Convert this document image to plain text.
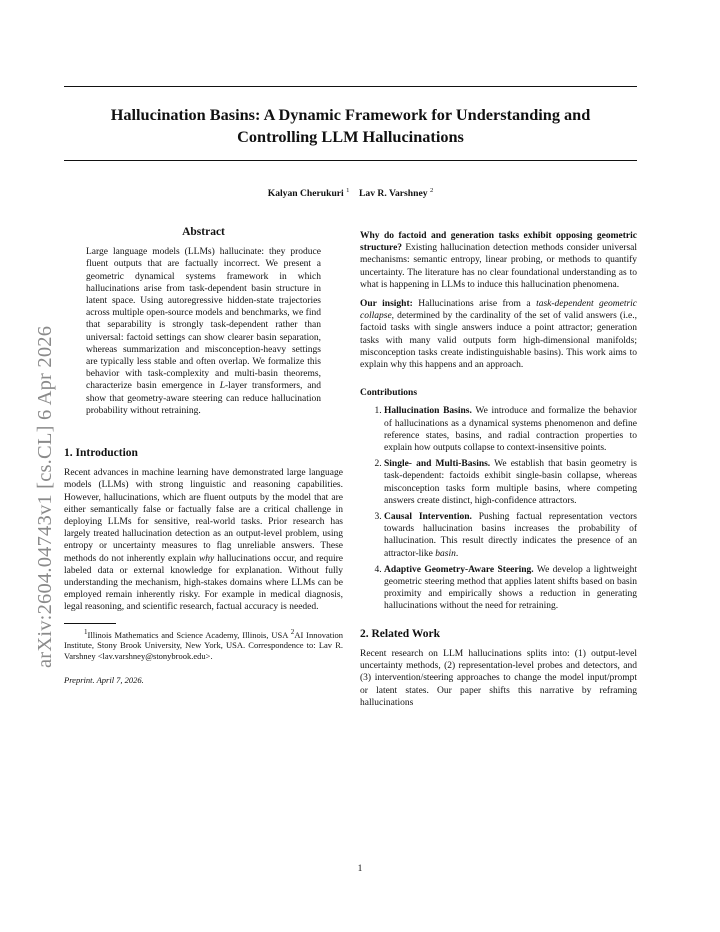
arXiv:2604.04743v1 [cs.CL] 6 Apr 2026
Hallucination Basins: A Dynamic Framework for Understanding and
Controlling LLM Hallucinations
Kalyan Cherukuri $^1$ Lav R. Varshney $^2$
Abstract
Large language models (LLMs) hallucinate: they produce fluent outputs that are factually incorrect. We present a geometric dynamical systems framework in which hallucinations arise from task-dependent basin structure in latent space. Using autoregressive hidden-state trajectories across multiple open-source models and benchmarks, we find that separability is strongly task-dependent rather than universal: factoid settings can show clearer basin separation, whereas summarization and misconception-heavy settings are typically less stable and often overlap. We formalize this behavior with task-complexity and multi-basin theorems, characterize basin emergence in L-layer transformers, and show that geometry-aware steering can reduce hallucination probability without retraining.
1. Introduction
Recent advances in machine learning have demonstrated large language models (LLMs) with strong linguistic and reasoning capabilities. However, hallucinations, which are fluent outputs by the model that are either semantically false or factually false are a critical challenge in deploying LLMs for sensitive, real-world tasks. Prior research has largely treated hallucination detection as an output-level problem, using entropy or uncertainty measures to flag unreliable answers. These methods do not inherently explain why hallucinations occur, and require labeled data or external knowledge for explanation. Without fully understanding the mechanism, high-stakes domains where LLMs can be employed remain inherently risky. For example in medical diagnosis, legal reasoning, and scientific research, factual accuracy is needed.
$^1$Illinois Mathematics and Science Academy, Illinois, USA $^2$AI Innovation Institute, Stony Brook University, New York, USA. Correspondence to: Lav R. Varshney <lav.varshney@stonybrook.edu>.
Preprint. April 7, 2026.
Why do factoid and generation tasks exhibit opposing geometric structure? Existing hallucination detection methods consider universal mechanisms: semantic entropy, linear probing, or methods to quantify uncertainty. The literature has no clear foundational understanding as to what is happening in LLMs to induce this hallucination phenomena.
Our insight: Hallucinations arise from a task-dependent geometric collapse, determined by the cardinality of the set of valid answers (i.e., factoid tasks with single answers induce a point attractor; generation tasks with many valid outputs form high-dimensional manifolds; misconception tasks create indistinguishable basins). This work aims to explain why this happens and an approach.
Contributions
1. Hallucination Basins. We introduce and formalize the behavior of hallucinations as a dynamical systems phenomenon and define reference states, basins, and radial contraction properties to explain how outputs collapse to context-insensitive points.
2. Single- and Multi-Basins. We establish that basin geometry is task-dependent: factoids exhibit single-basin collapse, whereas misconception tasks form multiple basins, where competing answers create distinct, high-confidence attractors.
3. Causal Intervention. Pushing factual representation vectors towards hallucination basins increases the probability of hallucination. This result directly indicates the presence of an attractor-like basin.
4. Adaptive Geometry-Aware Steering. We develop a lightweight geometric steering method that applies latent shifts based on basin proximity and empirically shows a reduction in generating hallucinations without the need for retraining.
2. Related Work
Recent research on LLM hallucinations splits into: (1) output-level uncertainty methods, (2) representation-level probes and detectors, and (3) intervention/steering approaches to change the model input/prompt or latent states. Our paper shifts this narrative by reframing hallucinations
1
